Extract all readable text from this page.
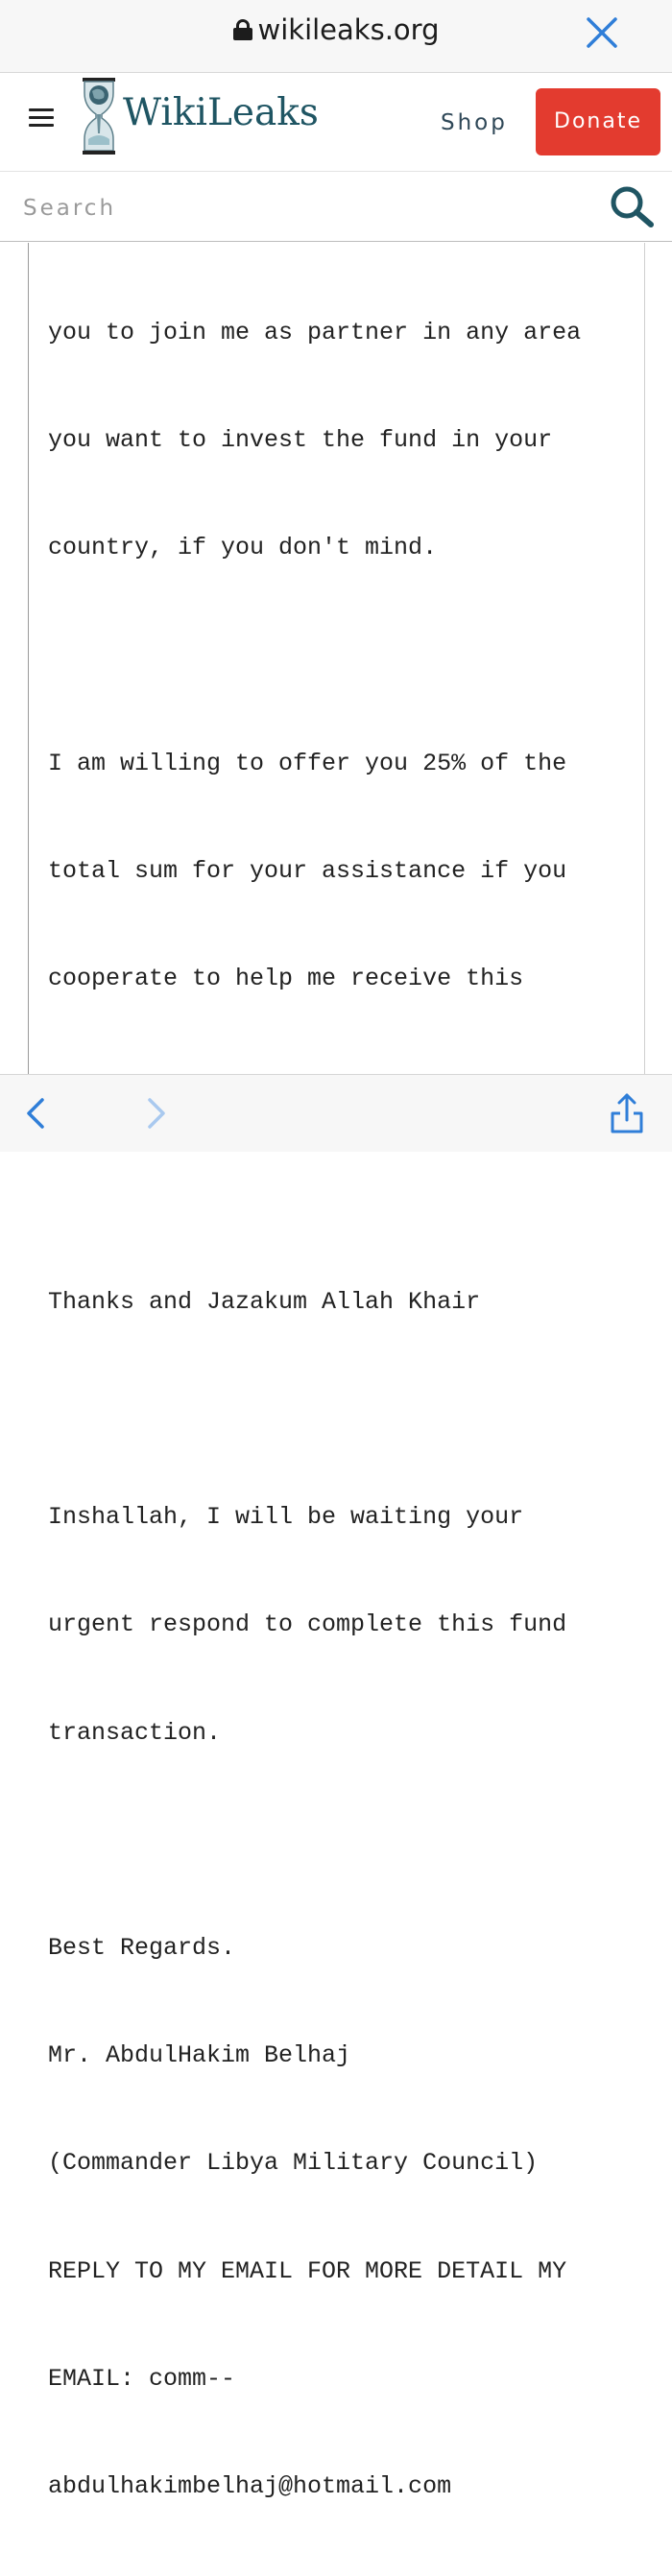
wikileaks.org
WikiLeaks	Shop	Donate
Search

you to join me as partner in any area

you want to invest the fund in your

country, if you don't mind.

I am willing to offer you 25% of the

total sum for your assistance if you

cooperate to help me receive this

Thanks and Jazakum Allah Khair

Inshallah, I will be waiting your

urgent respond to complete this fund

transaction.

Best Regards.

Mr. AbdulHakim Belhaj

(Commander Libya Military Council)

REPLY TO MY EMAIL FOR MORE DETAIL MY

EMAIL: comm--

abdulhakimbelhaj@hotmail.com
